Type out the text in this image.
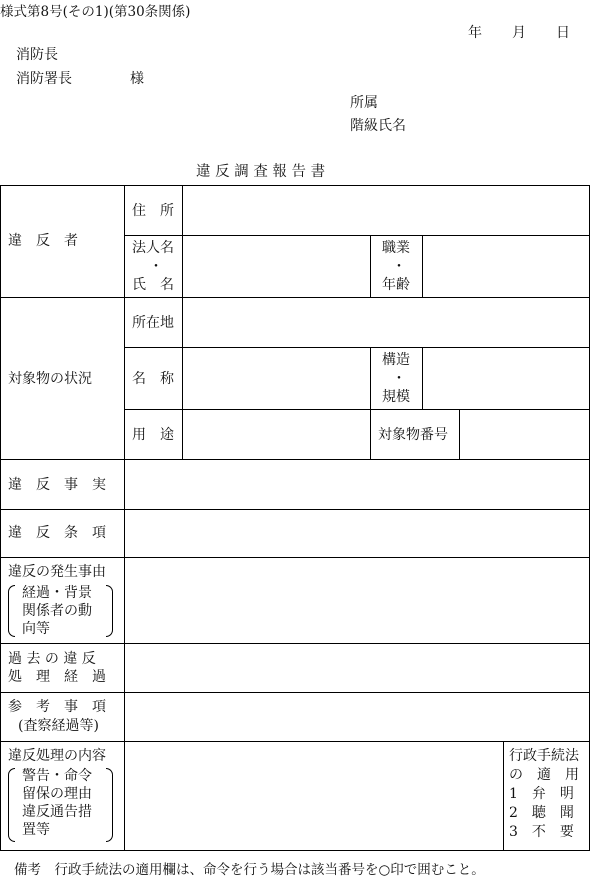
様式第8号(その1)(第30条関係)
年 月 日
消防長
消防署長	様
所属
階級氏名
違 反 調 査 報 告 書
違　反　者
住　所
法人名
・
氏　名
職業
・
年齢
対象物の状況
所在地
名　称
構造
・
規模
用　途	対象物番号
違　反　事　実
違　反　条　項
違反の発生事由
経過・背景
関係者の動
向等
過 去 の 違 反
処　理　経　過
参　考　事　項
(査察経過等)
違反処理の内容
警告・命令
留保の理由
違反通告措
置等
行政手続法
の　適　用
1　弁　明
2　聴　聞
3　不　要
備考　行政手続法の適用欄は、命令を行う場合は該当番号を○印で囲むこと。
